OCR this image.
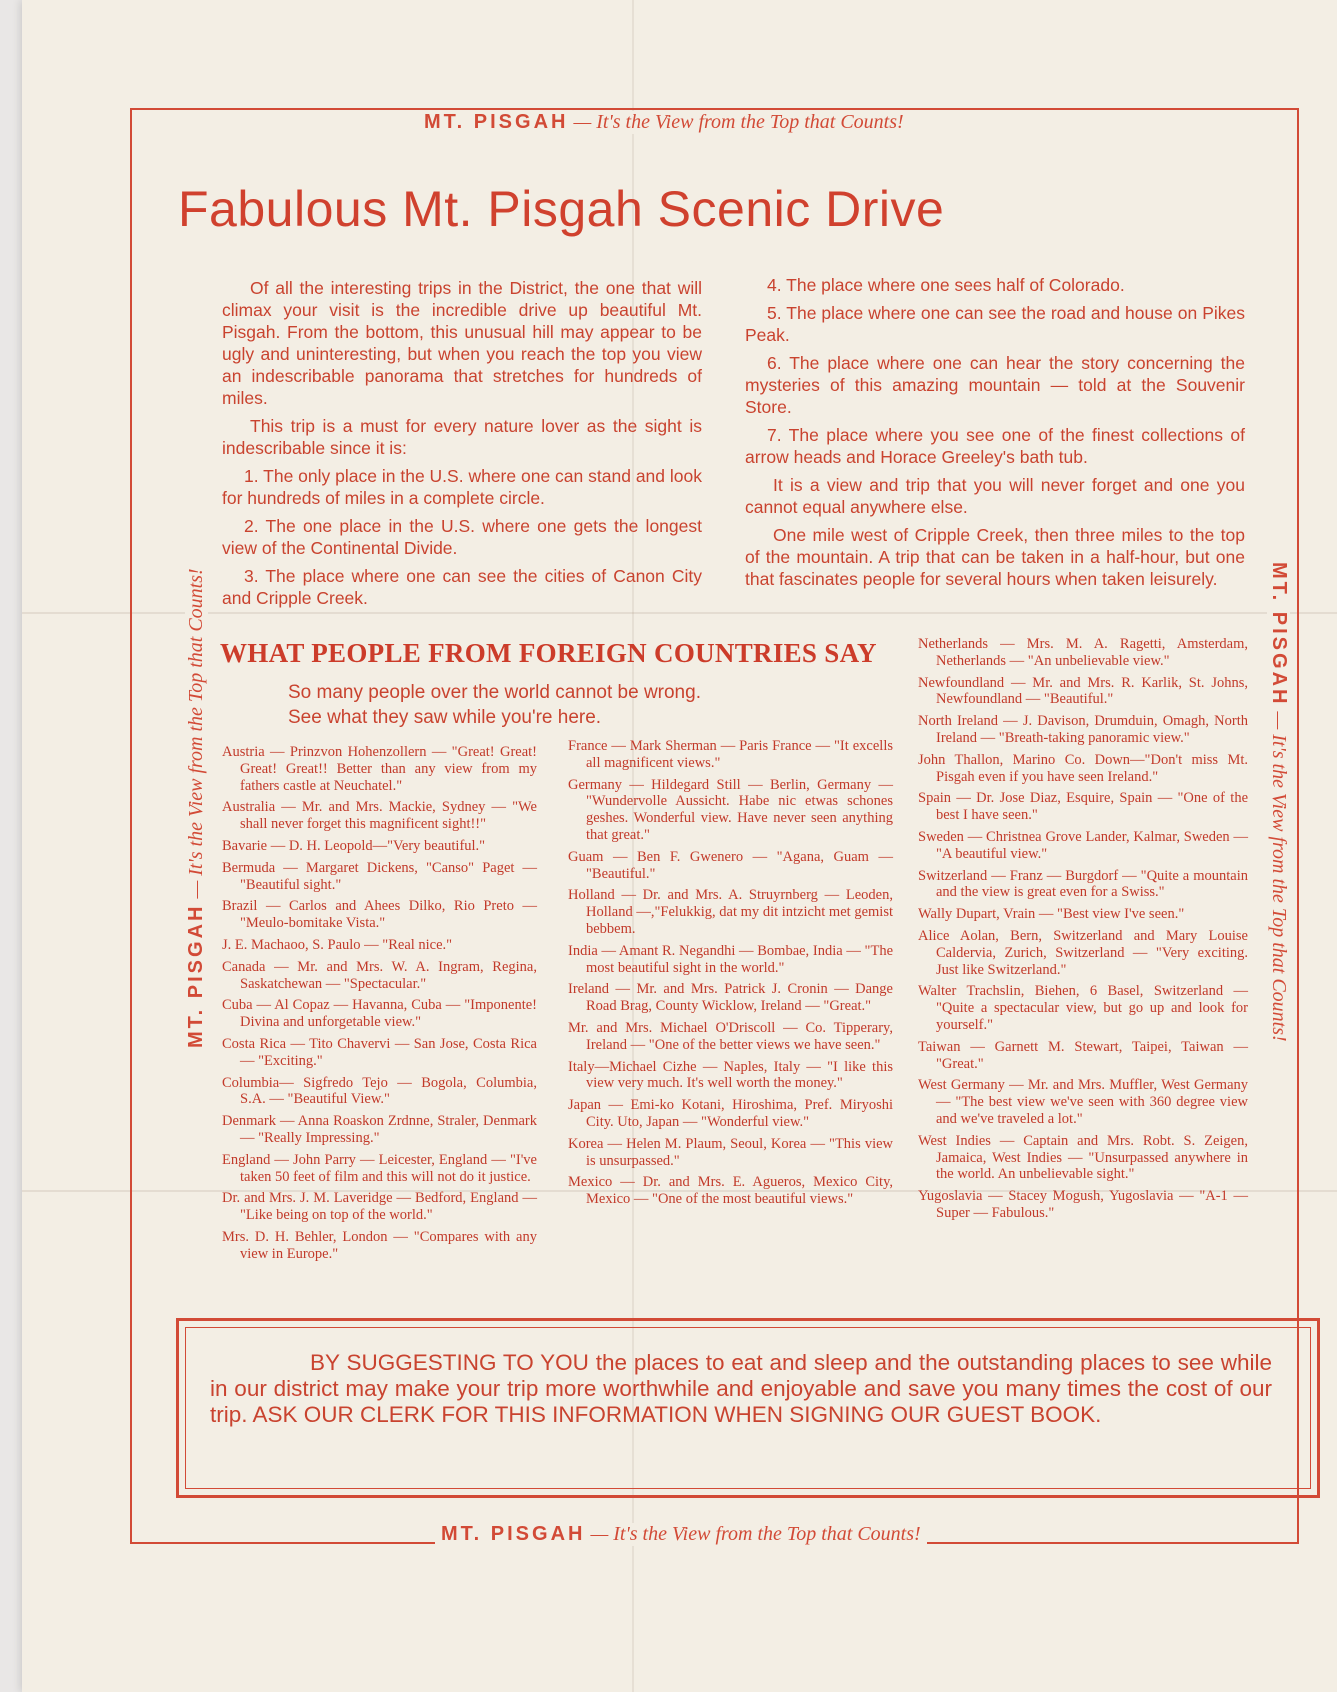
MT. PISGAH — It's the View from the Top that Counts!
MT. PISGAH — It's the View from the Top that Counts!
MT. PISGAH — It's the View from the Top that Counts!	MT. PISGAH — It's the View from the Top that Counts!
Fabulous Mt. Pisgah Scenic Drive

Of all the interesting trips in the District, the one that will climax your visit is the incredible drive up beautiful Mt. Pisgah. From the bottom, this unusual hill may appear to be ugly and uninteresting, but when you reach the top you view an indescribable panorama that stretches for hundreds of miles.

This trip is a must for every nature lover as the sight is indescribable since it is:

1. The only place in the U.S. where one can stand and look for hundreds of miles in a complete circle.

2. The one place in the U.S. where one gets the longest view of the Continental Divide.

3. The place where one can see the cities of Canon City and Cripple Creek.

4. The place where one sees half of Colorado.

5. The place where one can see the road and house on Pikes Peak.

6. The place where one can hear the story concerning the mysteries of this amazing mountain — told at the Souvenir Store.

7. The place where you see one of the finest collections of arrow heads and Horace Greeley's bath tub.

It is a view and trip that you will never forget and one you cannot equal anywhere else.

One mile west of Cripple Creek, then three miles to the top of the mountain. A trip that can be taken in a half-hour, but one that fascinates people for several hours when taken leisurely.

WHAT PEOPLE FROM FOREIGN COUNTRIES SAY
So many people over the world cannot be wrong.
See what they saw while you're here.

Austria — Prinzvon Hohenzollern — "Great! Great! Great! Great!! Better than any view from my fathers castle at Neuchatel."

Australia — Mr. and Mrs. Mackie, Sydney — "We shall never forget this magnificent sight!!"

Bavarie — D. H. Leopold—"Very beautiful."

Bermuda — Margaret Dickens, "Canso" Paget — "Beautiful sight."

Brazil — Carlos and Ahees Dilko, Rio Preto — "Meulo-bomitake Vista."

J. E. Machaoo, S. Paulo — "Real nice."

Canada — Mr. and Mrs. W. A. Ingram, Regina, Saskatchewan — "Spectacular."

Cuba — Al Copaz — Havanna, Cuba — "Imponente! Divina and unforgetable view."

Costa Rica — Tito Chavervi — San Jose, Costa Rica — "Exciting."

Columbia— Sigfredo Tejo — Bogola, Columbia, S.A. — "Beautiful View."

Denmark — Anna Roaskon Zrdnne, Straler, Denmark — "Really Impressing."

England — John Parry — Leicester, England — "I've taken 50 feet of film and this will not do it justice.

Dr. and Mrs. J. M. Laveridge — Bedford, England — "Like being on top of the world."

Mrs. D. H. Behler, London — "Compares with any view in Europe."

France — Mark Sherman — Paris France — "It excells all magnificent views."

Germany — Hildegard Still — Berlin, Germany — "Wundervolle Aussicht. Habe nic etwas schones geshes. Wonderful view. Have never seen anything that great."

Guam — Ben F. Gwenero — "Agana, Guam — "Beautiful."

Holland — Dr. and Mrs. A. Struyrnberg — Leoden, Holland —,"Felukkig, dat my dit intzicht met gemist bebbem.

India — Amant R. Negandhi — Bombae, India — "The most beautiful sight in the world."

Ireland — Mr. and Mrs. Patrick J. Cronin — Dange Road Brag, County Wicklow, Ireland — "Great."

Mr. and Mrs. Michael O'Driscoll — Co. Tipperary, Ireland — "One of the better views we have seen."

Italy—Michael Cizhe — Naples, Italy — "I like this view very much. It's well worth the money."

Japan — Emi-ko Kotani, Hiroshima, Pref. Miryoshi City. Uto, Japan — "Wonderful view."

Korea — Helen M. Plaum, Seoul, Korea — "This view is unsurpassed."

Mexico — Dr. and Mrs. E. Agueros, Mexico City, Mexico — "One of the most beautiful views."

Netherlands — Mrs. M. A. Ragetti, Amsterdam, Netherlands — "An unbelievable view."

Newfoundland — Mr. and Mrs. R. Karlik, St. Johns, Newfoundland — "Beautiful."

North Ireland — J. Davison, Drumduin, Omagh, North Ireland — "Breath-taking panoramic view."

John Thallon, Marino Co. Down—"Don't miss Mt. Pisgah even if you have seen Ireland."

Spain — Dr. Jose Diaz, Esquire, Spain — "One of the best I have seen."

Sweden — Christnea Grove Lander, Kalmar, Sweden — "A beautiful view."

Switzerland — Franz — Burgdorf — "Quite a mountain and the view is great even for a Swiss."

Wally Dupart, Vrain — "Best view I've seen."

Alice Aolan, Bern, Switzerland and Mary Louise Caldervia, Zurich, Switzerland — "Very exciting. Just like Switzerland."

Walter Trachslin, Biehen, 6 Basel, Switzerland — "Quite a spectacular view, but go up and look for yourself."

Taiwan — Garnett M. Stewart, Taipei, Taiwan — "Great."

West Germany — Mr. and Mrs. Muffler, West Germany — "The best view we've seen with 360 degree view and we've traveled a lot."

West Indies — Captain and Mrs. Robt. S. Zeigen, Jamaica, West Indies — "Unsurpassed anywhere in the world. An unbelievable sight."

Yugoslavia — Stacey Mogush, Yugoslavia — "A-1 — Super — Fabulous."

BY SUGGESTING TO YOU the places to eat and sleep and the outstanding places to see while in our district may make your trip more worthwhile and enjoyable and save you many times the cost of our trip. ASK OUR CLERK FOR THIS INFORMATION WHEN SIGNING OUR GUEST BOOK.
